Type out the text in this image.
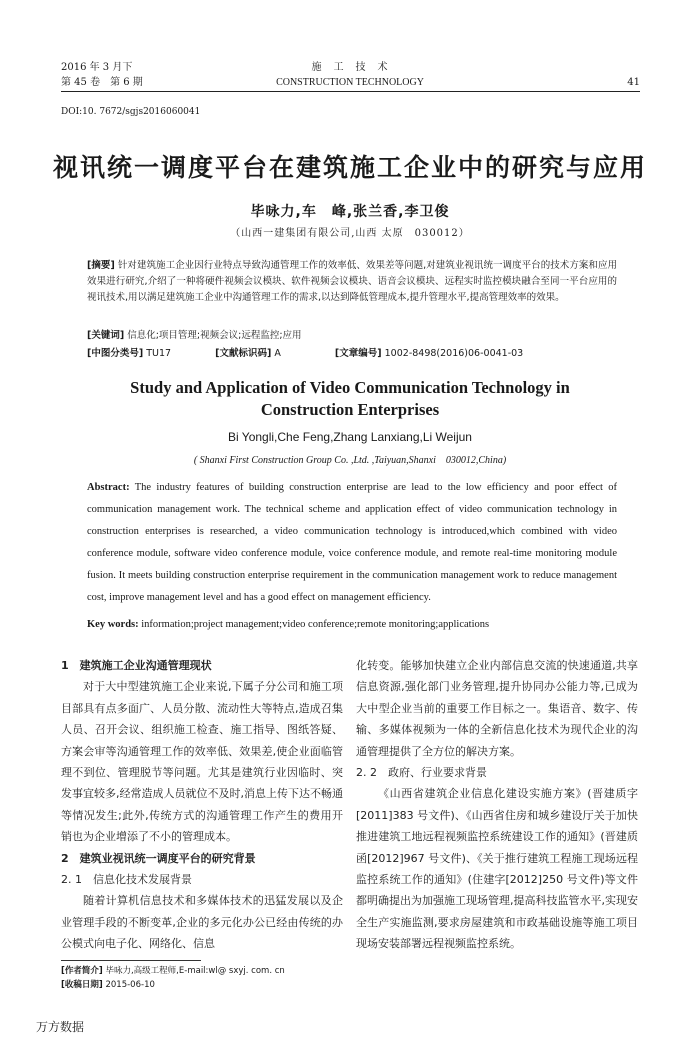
2016 年 3 月下
第 45 卷　第 6 期
施　工　技　术
CONSTRUCTION TECHNOLOGY	41
DOI:10. 7672/sgjs2016060041
视讯统一调度平台在建筑施工企业中的研究与应用
毕咏力,车　峰,张兰香,李卫俊
（山西一建集团有限公司,山西 太原　030012）
[摘要] 针对建筑施工企业因行业特点导致沟通管理工作的效率低、效果差等问题,对建筑业视讯统一调度平台的技术方案和应用效果进行研究,介绍了一种将硬件视频会议模块、软件视频会议模块、语音会议模块、远程实时监控模块融合至同一平台应用的视讯技术,用以满足建筑施工企业中沟通管理工作的需求,以达到降低管理成本,提升管理水平,提高管理效率的效果。
[关键词] 信息化;项目管理;视频会议;远程监控;应用
[中图分类号] TU17	[文献标识码] A	[文章编号] 1002-8498(2016)06-0041-03
Study and Application of Video Communication Technology in
Construction Enterprises
Bi Yongli,Che Feng,Zhang Lanxiang,Li Weijun
( Shanxi First Construction Group Co. ,Ltd. ,Taiyuan,Shanxi　030012,China)
Abstract: The industry features of building construction enterprise are lead to the low efficiency and poor effect of communication management work. The technical scheme and application effect of video communication technology in construction enterprises is researched, a video communication technology is introduced,which combined with video conference module, software video conference module, voice conference module, and remote real-time monitoring module fusion. It meets building construction enterprise requirement in the communication management work to reduce management cost, improve management level and has a good effect on management efficiency.
Key words: information;project management;video conference;remote monitoring;applications

1　建筑施工企业沟通管理现状

对于大中型建筑施工企业来说,下属子分公司和施工项目部具有点多面广、人员分散、流动性大等特点,造成召集人员、召开会议、组织施工检查、施工指导、图纸答疑、方案会审等沟通管理工作的效率低、效果差,使企业面临管理不到位、管理脱节等问题。尤其是建筑行业因临时、突发事宜较多,经常造成人员就位不及时,消息上传下达不畅通等情况发生;此外,传统方式的沟通管理工作产生的费用开销也为企业增添了不小的管理成本。

2　建筑业视讯统一调度平台的研究背景

2. 1　信息化技术发展背景

随着计算机信息技术和多媒体技术的迅猛发展以及企业管理手段的不断变革,企业的多元化办公已经由传统的办公模式向电子化、网络化、信息

化转变。能够加快建立企业内部信息交流的快速通道,共享信息资源,强化部门业务管理,提升协同办公能力等,已成为大中型企业当前的重要工作目标之一。集语音、数字、传输、多媒体视频为一体的全新信息化技术为现代企业的沟通管理提供了全方位的解决方案。

2. 2　政府、行业要求背景

《山西省建筑企业信息化建设实施方案》(晋建质字[2011]383 号文件)、《山西省住房和城乡建设厅关于加快推进建筑工地远程视频监控系统建设工作的通知》(晋建质函[2012]967 号文件)、《关于推行建筑工程施工现场远程监控系统工作的通知》(住建字[2012]250 号文件)等文件都明确提出为加强施工现场管理,提高科技监管水平,实现安全生产实施监测,要求房屋建筑和市政基础设施等施工项目现场安装部署远程视频监控系统。

[作者简介] 毕咏力,高级工程师,E-mail:wl@ sxyj. com. cn
[收稿日期] 2015-06-10
万方数据
